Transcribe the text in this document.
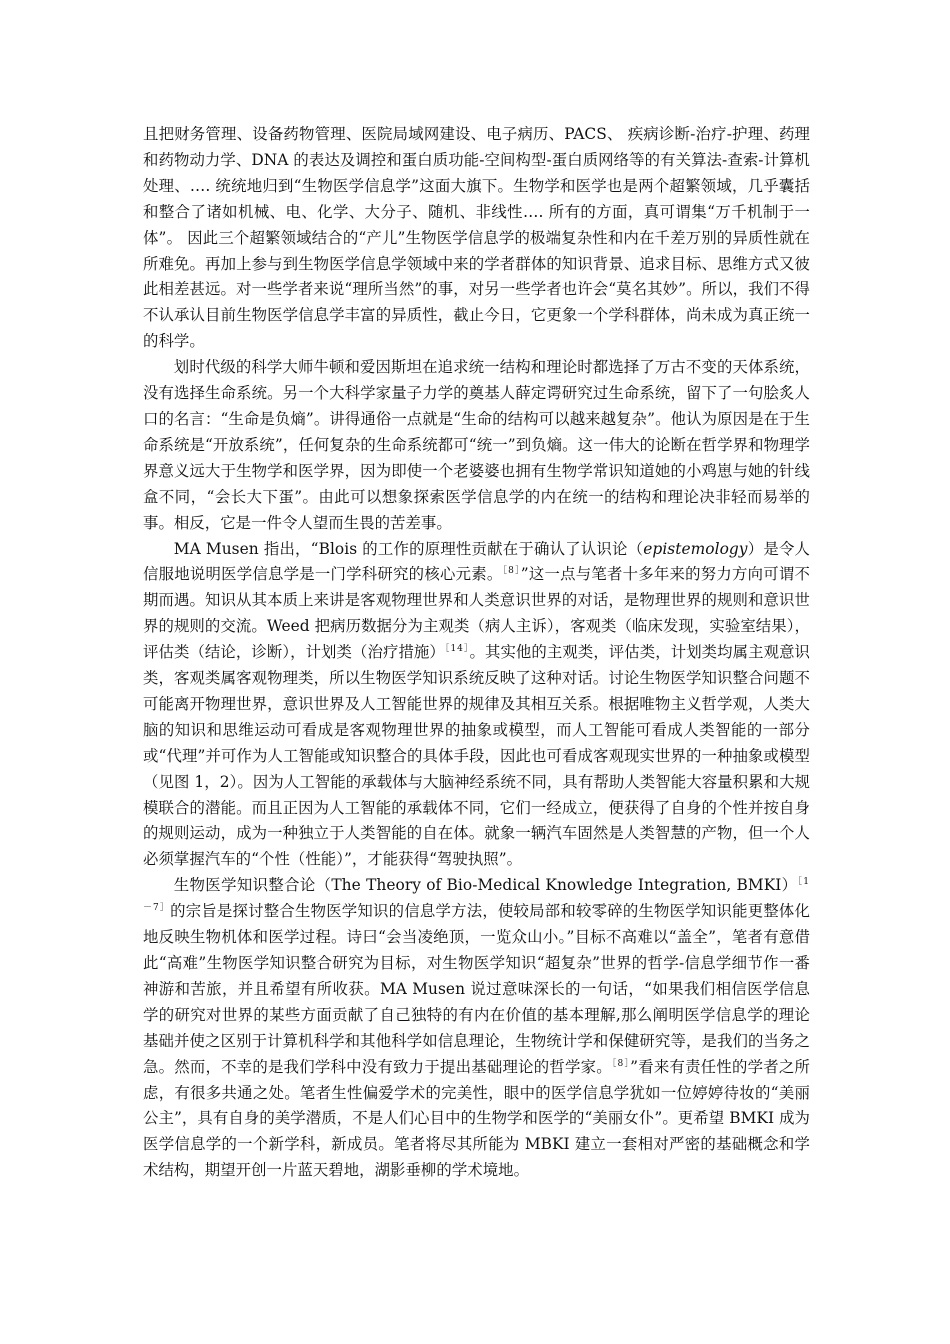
且把财务管理、设备药物管理、医院局域网建设、电子病历、PACS、 疾病诊断-治疗-护理、药理和药物动力学、DNA 的表达及调控和蛋白质功能-空间构型-蛋白质网络等的有关算法-查索-计算机处理、…. 统统地归到“生物医学信息学”这面大旗下。生物学和医学也是两个超繁领域，几乎囊括和整合了诸如机械、电、化学、大分子、随机、非线性…. 所有的方面，真可谓集“万千机制于一体”。 因此三个超繁领域结合的“产儿”生物医学信息学的极端复杂性和内在千差万别的异质性就在所难免。再加上参与到生物医学信息学领域中来的学者群体的知识背景、追求目标、思维方式又彼此相差甚远。对一些学者来说“理所当然”的事，对另一些学者也许会“莫名其妙”。所以，我们不得不认承认目前生物医学信息学丰富的异质性，截止今日，它更象一个学科群体，尚未成为真正统一的科学。

划时代级的科学大师牛顿和爱因斯坦在追求统一结构和理论时都选择了万古不变的天体系统，没有选择生命系统。另一个大科学家量子力学的奠基人薛定谔研究过生命系统，留下了一句脍炙人口的名言：“生命是负熵”。讲得通俗一点就是“生命的结构可以越来越复杂”。他认为原因是在于生命系统是“开放系统”，任何复杂的生命系统都可“统一”到负熵。这一伟大的论断在哲学界和物理学界意义远大于生物学和医学界，因为即使一个老婆婆也拥有生物学常识知道她的小鸡崽与她的针线盒不同，“会长大下蛋”。由此可以想象探索医学信息学的内在统一的结构和理论决非轻而易举的事。相反，它是一件令人望而生畏的苦差事。

MA Musen 指出，“Blois 的工作的原理性贡献在于确认了认识论（epistemology）是令人信服地说明医学信息学是一门学科研究的核心元素。$^{[8]}$”这一点与笔者十多年来的努力方向可谓不期而遇。知识从其本质上来讲是客观物理世界和人类意识世界的对话，是物理世界的规则和意识世界的规则的交流。Weed 把病历数据分为主观类（病人主诉），客观类（临床发现，实验室结果），评估类（结论，诊断），计划类（治疗措施）$^{[14]}$。其实他的主观类，评估类，计划类均属主观意识类，客观类属客观物理类，所以生物医学知识系统反映了这种对话。讨论生物医学知识整合问题不可能离开物理世界，意识世界及人工智能世界的规律及其相互关系。根据唯物主义哲学观，人类大脑的知识和思维运动可看成是客观物理世界的抽象或模型，而人工智能可看成人类智能的一部分或“代理”并可作为人工智能或知识整合的具体手段，因此也可看成客观现实世界的一种抽象或模型（见图 1，2）。因为人工智能的承载体与大脑神经系统不同，具有帮助人类智能大容量积累和大规模联合的潜能。而且正因为人工智能的承载体不同，它们一经成立，便获得了自身的个性并按自身的规则运动，成为一种独立于人类智能的自在体。就象一辆汽车固然是人类智慧的产物，但一个人必须掌握汽车的“个性（性能）”，才能获得“驾驶执照”。

生物医学知识整合论（The Theory of Bio-Medical Knowledge Integration, BMKI）$^{[1-7]}$的宗旨是探讨整合生物医学知识的信息学方法，使较局部和较零碎的生物医学知识能更整体化地反映生物机体和医学过程。诗曰“会当凌绝顶，一览众山小。”目标不高难以“盖全”，笔者有意借此“高难”生物医学知识整合研究为目标，对生物医学知识“超复杂”世界的哲学-信息学细节作一番神游和苦旅，并且希望有所收获。MA Musen 说过意味深长的一句话，“如果我们相信医学信息学的研究对世界的某些方面贡献了自己独特的有内在价值的基本理解,那么阐明医学信息学的理论基础并使之区别于计算机科学和其他科学如信息理论，生物统计学和保健研究等，是我们的当务之急。然而，不幸的是我们学科中没有致力于提出基础理论的哲学家。$^{[8]}$”看来有责任性的学者之所虑，有很多共通之处。笔者生性偏爱学术的完美性，眼中的医学信息学犹如一位婷婷待妆的“美丽公主”，具有自身的美学潜质，不是人们心目中的生物学和医学的“美丽女仆”。更希望 BMKI 成为医学信息学的一个新学科，新成员。笔者将尽其所能为 MBKI 建立一套相对严密的基础概念和学术结构，期望开创一片蓝天碧地，湖影垂柳的学术境地。
